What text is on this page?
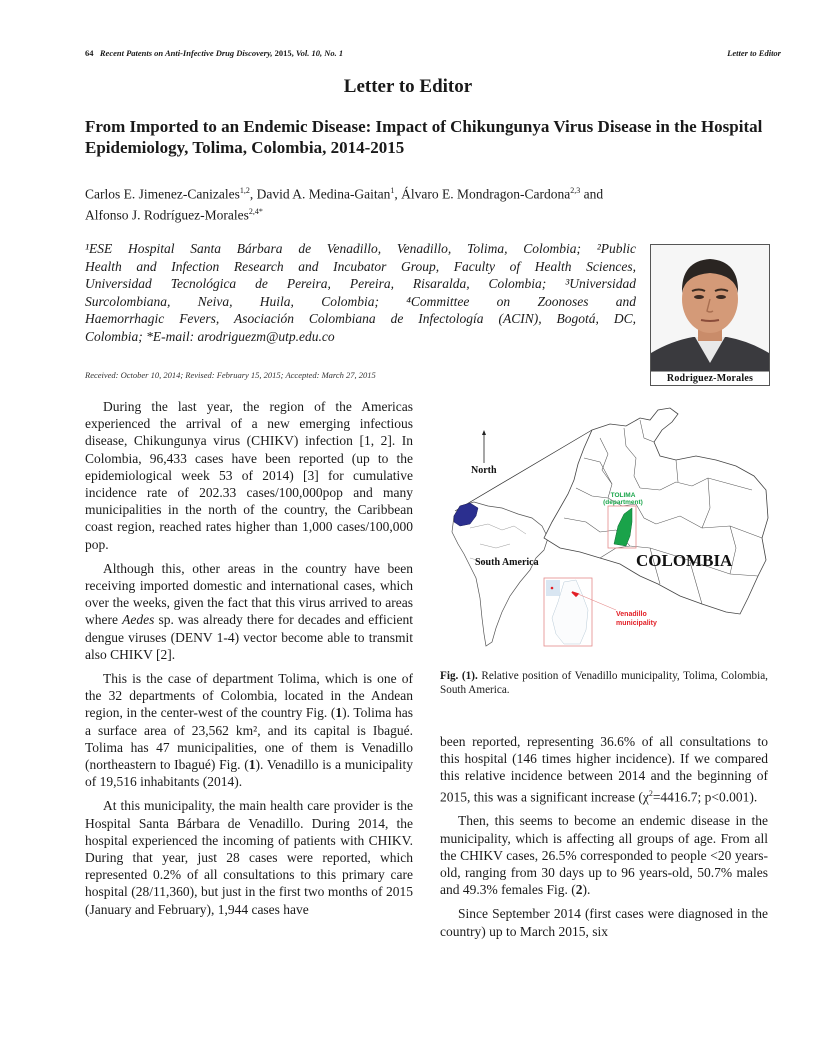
64 Recent Patents on Anti-Infective Drug Discovery, 2015, Vol. 10, No. 1	Letter to Editor
Letter to Editor
From Imported to an Endemic Disease: Impact of Chikungunya Virus Disease in the Hospital Epidemiology, Tolima, Colombia, 2014-2015
Carlos E. Jimenez-Canizales$^{1,2}$, David A. Medina-Gaitan$^1$, Álvaro E. Mondragon-Cardona$^{2,3}$ and
Alfonso J. Rodríguez-Morales$^{2,4*}$
¹ESE Hospital Santa Bárbara de Venadillo, Venadillo, Tolima, Colombia; ²Public
Health and Infection Research and Incubator Group, Faculty of Health Sciences,
Universidad Tecnológica de Pereira, Pereira, Risaralda, Colombia; ³Universidad
Surcolombiana, Neiva, Huila, Colombia; ⁴Committee on Zoonoses and
Haemorrhagic Fevers, Asociación Colombiana de Infectología (ACIN), Bogotá, DC,
Colombia; *E-mail: arodriguezm@utp.edu.co
Received: October 10, 2014; Revised: February 15, 2015; Accepted: March 27, 2015	Rodriguez-Morales

During the last year, the region of the Americas experienced the arrival of a new emerging infectious disease, Chikungunya virus (CHIKV) infection [1, 2]. In Colombia, 96,433 cases have been reported (up to the epidemiological week 53 of 2014) [3] for cumulative incidence rate of 202.33 cases/100,000pop and many municipalities in the north of the country, the Caribbean coast region, reached rates higher than 1,000 cases/100,000 pop.

Although this, other areas in the country have been receiving imported domestic and international cases, which over the weeks, given the fact that this virus arrived to areas where Aedes sp. was already there for decades and efficient dengue viruses (DENV 1-4) vector become able to transmit also CHIKV [2].

This is the case of department Tolima, which is one of the 32 departments of Colombia, located in the Andean region, in the center-west of the country Fig. (1). Tolima has a surface area of 23,562 km², and its capital is Ibagué. Tolima has 47 municipalities, one of them is Venadillo (northeastern to Ibagué) Fig. (1). Venadillo is a municipality of 19,516 inhabitants (2014).

At this municipality, the main health care provider is the Hospital Santa Bárbara de Venadillo. During 2014, the hospital experienced the incoming of patients with CHIKV. During that year, just 28 cases were reported, which represented 0.2% of all consultations to this primary care hospital (28/11,360), but just in the first two months of 2015 (January and February), 1,944 cases have

North
South America
TOLIMA
(department)
COLOMBIA
Venadillo
municipality
Fig. (1). Relative position of Venadillo municipality, Tolima, Colombia, South America.

been reported, representing 36.6% of all consultations to this hospital (146 times higher incidence). If we compared this relative incidence between 2014 and the beginning of 2015, this was a significant increase ($\chi^2=4416.7$; p<0.001).

Then, this seems to become an endemic disease in the municipality, which is affecting all groups of age. From all the CHIKV cases, 26.5% corresponded to people <20 years-old, ranging from 30 days up to 96 years-old, 50.7% males and 49.3% females Fig. (2).

Since September 2014 (first cases were diagnosed in the country) up to March 2015, six
